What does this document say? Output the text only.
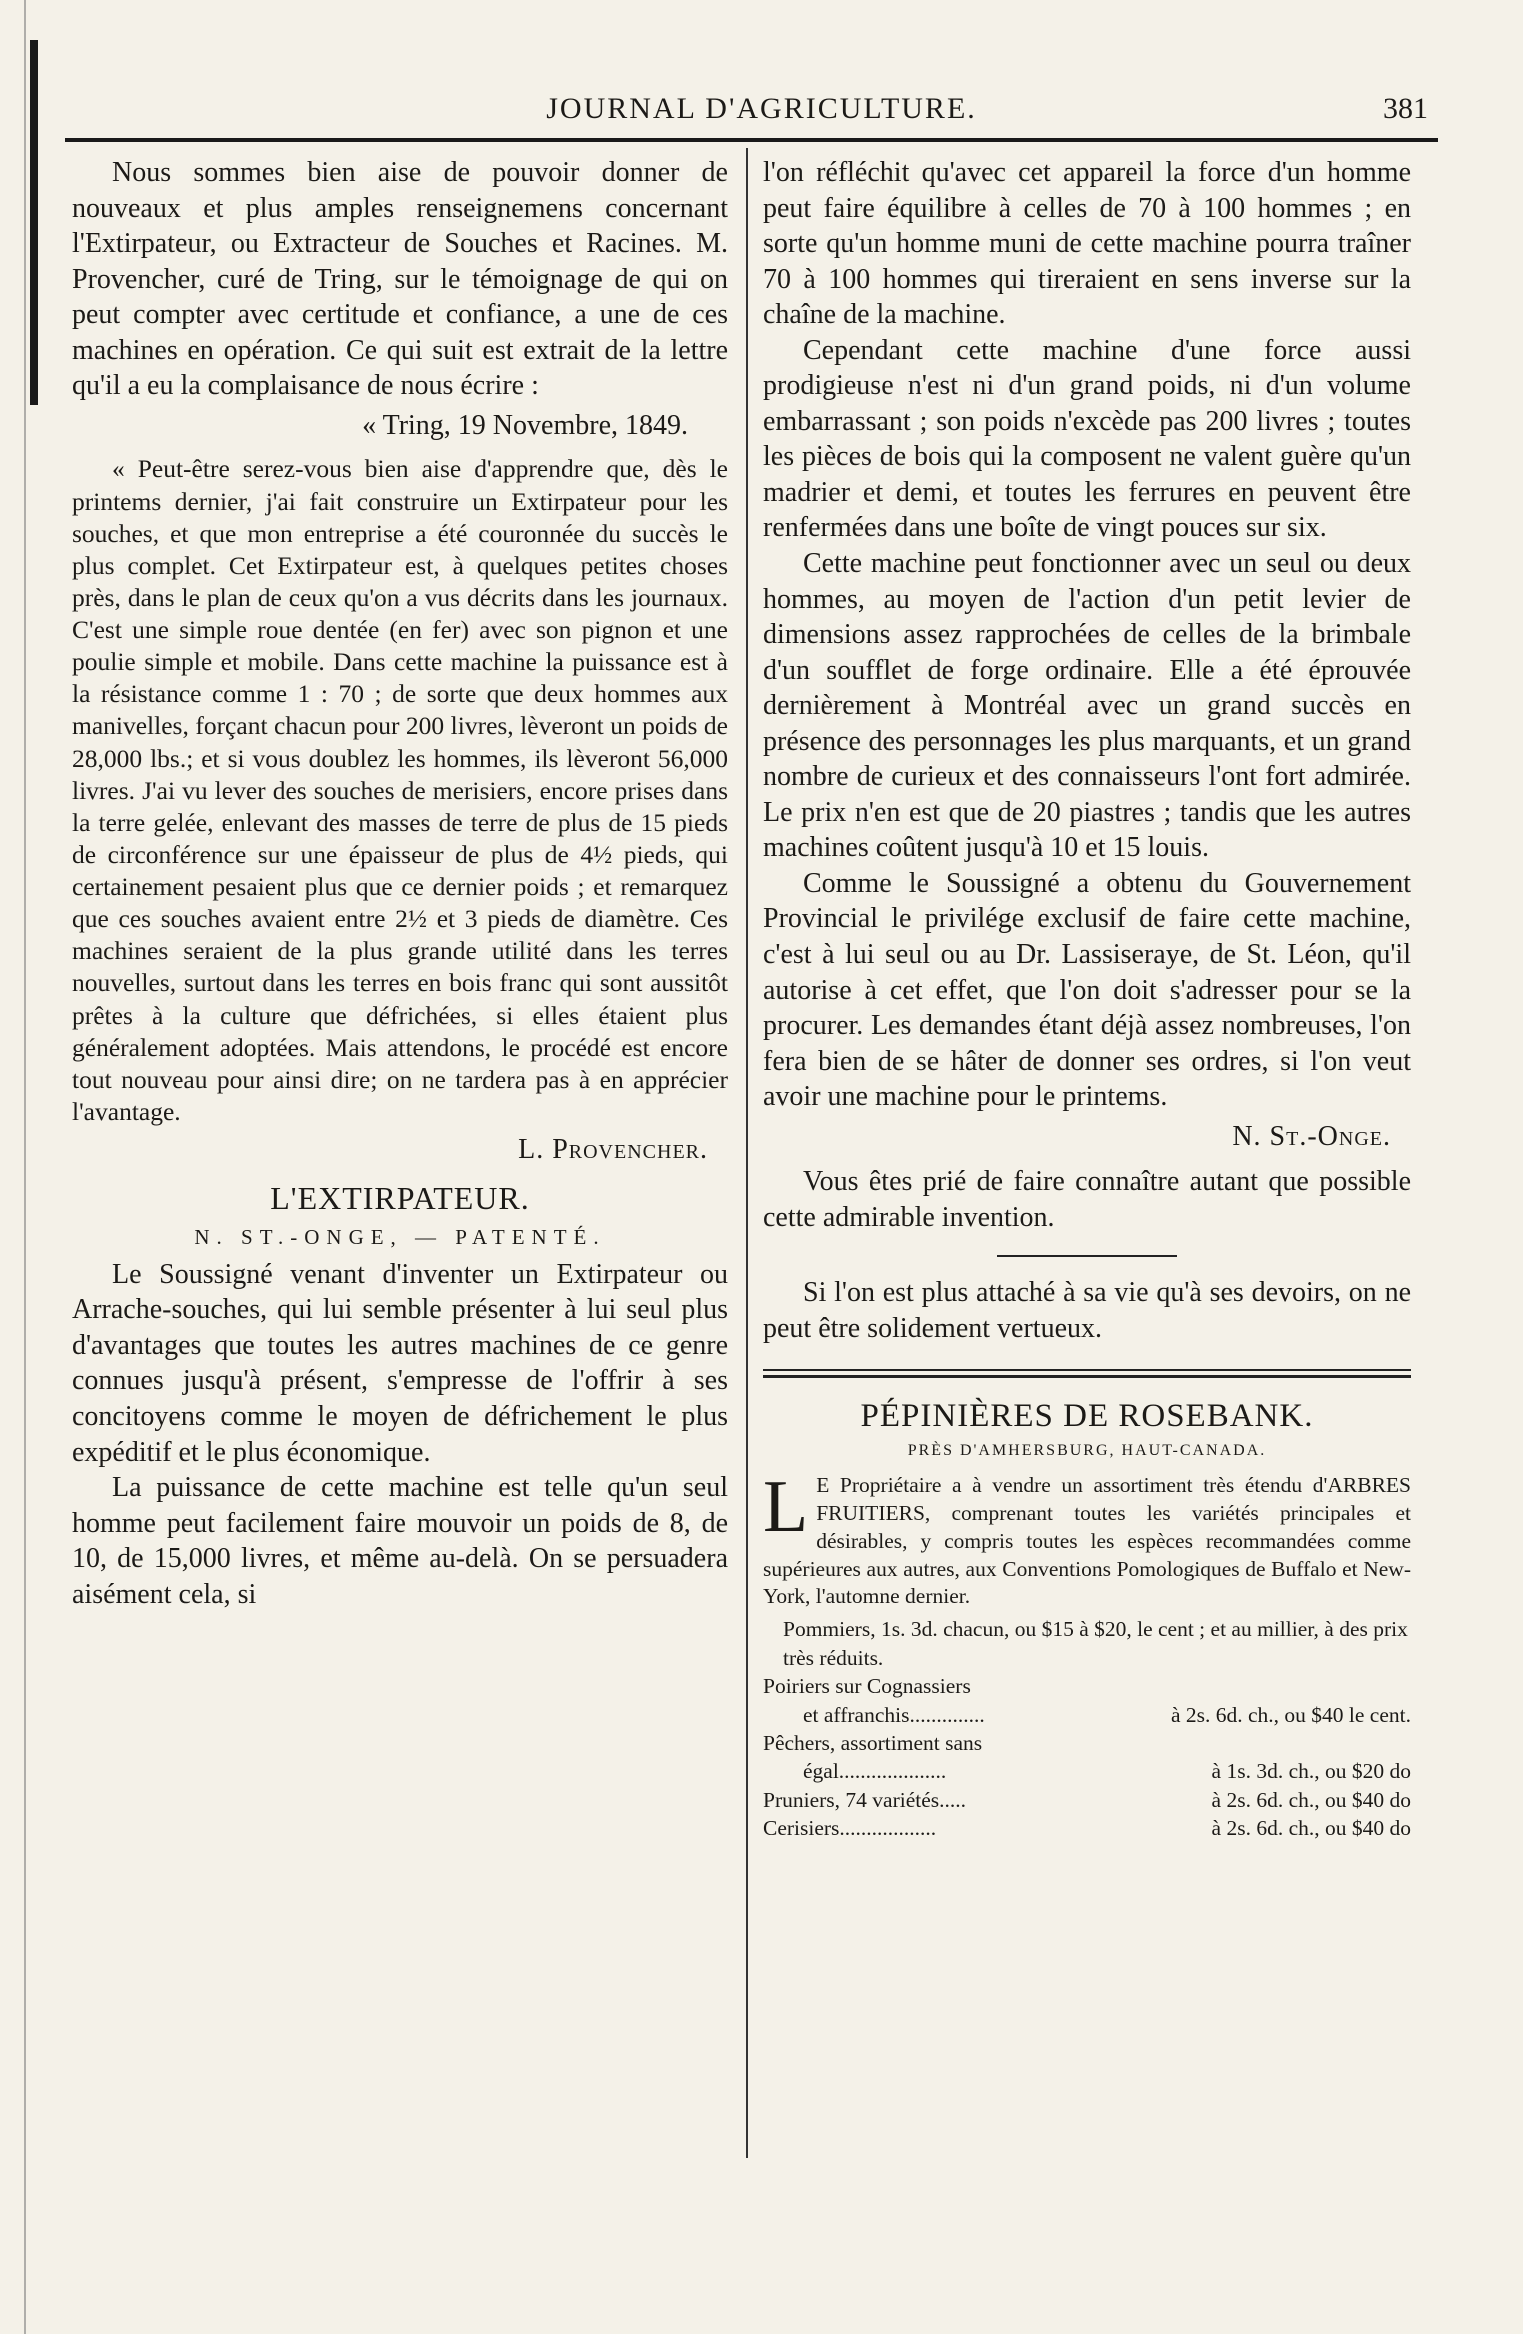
JOURNAL D'AGRICULTURE.	381

Nous sommes bien aise de pouvoir donner de nouveaux et plus amples renseignemens concernant l'Extirpateur, ou Extracteur de Souches et Racines. M. Provencher, curé de Tring, sur le témoignage de qui on peut compter avec certitude et confiance, a une de ces machines en opération. Ce qui suit est extrait de la lettre qu'il a eu la complaisance de nous écrire :

« Tring, 19 Novembre, 1849.

« Peut-être serez-vous bien aise d'apprendre que, dès le printems dernier, j'ai fait construire un Extirpateur pour les souches, et que mon entreprise a été couronnée du succès le plus complet. Cet Extirpateur est, à quelques petites choses près, dans le plan de ceux qu'on a vus décrits dans les journaux. C'est une simple roue dentée (en fer) avec son pignon et une poulie simple et mobile. Dans cette machine la puissance est à la résistance comme 1 : 70 ; de sorte que deux hommes aux manivelles, forçant chacun pour 200 livres, lèveront un poids de 28,000 lbs.; et si vous doublez les hommes, ils lèveront 56,000 livres. J'ai vu lever des souches de merisiers, encore prises dans la terre gelée, enlevant des masses de terre de plus de 15 pieds de circonférence sur une épaisseur de plus de 4½ pieds, qui certainement pesaient plus que ce dernier poids ; et remarquez que ces souches avaient entre 2½ et 3 pieds de diamètre. Ces machines seraient de la plus grande utilité dans les terres nouvelles, surtout dans les terres en bois franc qui sont aussitôt prêtes à la culture que défrichées, si elles étaient plus généralement adoptées. Mais attendons, le procédé est encore tout nouveau pour ainsi dire; on ne tardera pas à en apprécier l'avantage.

L. Provencher.
L'EXTIRPATEUR.
N. ST.-ONGE, — PATENTÉ.

Le Soussigné venant d'inventer un Extirpateur ou Arrache-souches, qui lui semble présenter à lui seul plus d'avantages que toutes les autres machines de ce genre connues jusqu'à présent, s'empresse de l'offrir à ses concitoyens comme le moyen de défrichement le plus expéditif et le plus économique.

La puissance de cette machine est telle qu'un seul homme peut facilement faire mouvoir un poids de 8, de 10, de 15,000 livres, et même au-delà. On se persuadera aisément cela, si

l'on réfléchit qu'avec cet appareil la force d'un homme peut faire équilibre à celles de 70 à 100 hommes ; en sorte qu'un homme muni de cette machine pourra traîner 70 à 100 hommes qui tireraient en sens inverse sur la chaîne de la machine.

Cependant cette machine d'une force aussi prodigieuse n'est ni d'un grand poids, ni d'un volume embarrassant ; son poids n'excède pas 200 livres ; toutes les pièces de bois qui la composent ne valent guère qu'un madrier et demi, et toutes les ferrures en peuvent être renfermées dans une boîte de vingt pouces sur six.

Cette machine peut fonctionner avec un seul ou deux hommes, au moyen de l'action d'un petit levier de dimensions assez rapprochées de celles de la brimbale d'un soufflet de forge ordinaire. Elle a été éprouvée dernièrement à Montréal avec un grand succès en présence des personnages les plus marquants, et un grand nombre de curieux et des connaisseurs l'ont fort admirée. Le prix n'en est que de 20 piastres ; tandis que les autres machines coûtent jusqu'à 10 et 15 louis.

Comme le Soussigné a obtenu du Gouvernement Provincial le privilége exclusif de faire cette machine, c'est à lui seul ou au Dr. Lassiseraye, de St. Léon, qu'il autorise à cet effet, que l'on doit s'adresser pour se la procurer. Les demandes étant déjà assez nombreuses, l'on fera bien de se hâter de donner ses ordres, si l'on veut avoir une machine pour le printems.

N. St.-Onge.

Vous êtes prié de faire connaître autant que possible cette admirable invention.

Si l'on est plus attaché à sa vie qu'à ses devoirs, on ne peut être solidement vertueux.

PÉPINIÈRES DE ROSEBANK.
PRÈS D'AMHERSBURG, HAUT-CANADA.
L E Propriétaire a à vendre un assortiment très étendu d'ARBRES FRUITIERS, comprenant toutes les variétés principales et désirables, y compris toutes les espèces recommandées comme supérieures aux autres, aux Conventions Pomologiques de Buffalo et New-York, l'automne dernier.
Pommiers, 1s. 3d. chacun, ou $15 à $20, le cent ; et au millier, à des prix très réduits.
Poiriers sur Cognassiers
et affranchis..............	à 2s. 6d. ch., ou $40 le cent.
Pêchers, assortiment sans
égal....................	à 1s. 3d. ch., ou $20 do
Pruniers, 74 variétés.....	à 2s. 6d. ch., ou $40 do
Cerisiers..................	à 2s. 6d. ch., ou $40 do
